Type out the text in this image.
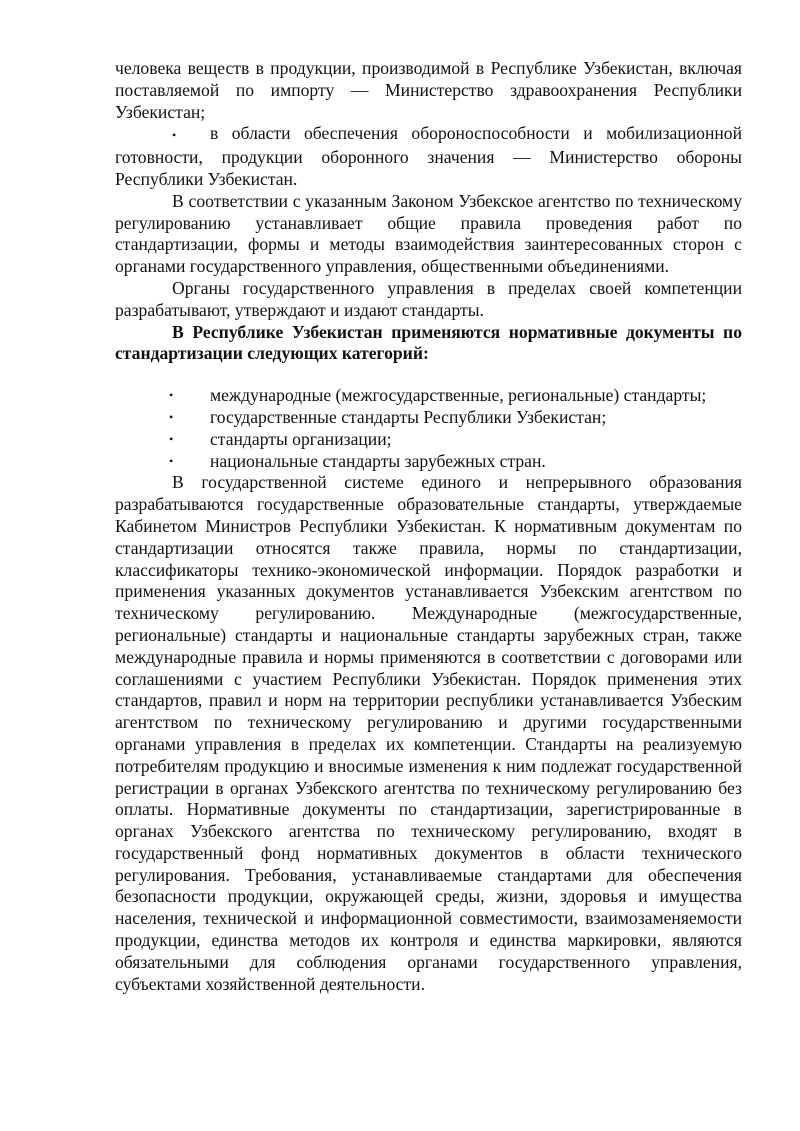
человека веществ в продукции, производимой в Республике Узбекистан, включая поставляемой по импорту — Министерство здравоохранения Республики Узбекистан;

• в области обеспечения обороноспособности и мобилизационной готовности, продукции оборонного значения — Министерство обороны Республики Узбекистан.

В соответствии с указанным Законом Узбекское агентство по техническому регулированию устанавливает общие правила проведения работ по стандартизации, формы и методы взаимодействия заинтересованных сторон с органами государственного управления, общественными объединениями.

Органы государственного управления в пределах своей компетенции разрабатывают, утверждают и издают стандарты.

В Республике Узбекистан применяются нормативные документы по стандартизации следующих категорий:

•	международные (межгосударственные, региональные) стандарты;
•	государственные стандарты Республики Узбекистан;
•	стандарты организации;
•	национальные стандарты зарубежных стран.

В государственной системе единого и непрерывного образования разрабатываются государственные образовательные стандарты, утверждаемые Кабинетом Министров Республики Узбекистан. К нормативным документам по стандартизации относятся также правила, нормы по стандартизации, классификаторы технико-экономической информации. Порядок разработки и применения указанных документов устанавливается Узбекским агентством по техническому регулированию. Международные (межгосударственные, региональные) стандарты и национальные стандарты зарубежных стран, также международные правила и нормы применяются в соответствии с договорами или соглашениями с участием Республики Узбекистан. Порядок применения этих стандартов, правил и норм на территории республики устанавливается Узбеским агентством по техническому регулированию и другими государственными органами управления в пределах их компетенции. Стандарты на реализуемую потребителям продукцию и вносимые изменения к ним подлежат государственной регистрации в органах Узбекского агентства по техническому регулированию без оплаты. Нормативные документы по стандартизации, зарегистрированные в органах Узбекского агентства по техническому регулированию, входят в государственный фонд нормативных документов в области технического регулирования. Требования, устанавливаемые стандартами для обеспечения безопасности продукции, окружающей среды, жизни, здоровья и имущества населения, технической и информационной совместимости, взаимозаменяемости продукции, единства методов их контроля и единства маркировки, являются обязательными для соблюдения органами государственного управления, субъектами хозяйственной деятельности.
